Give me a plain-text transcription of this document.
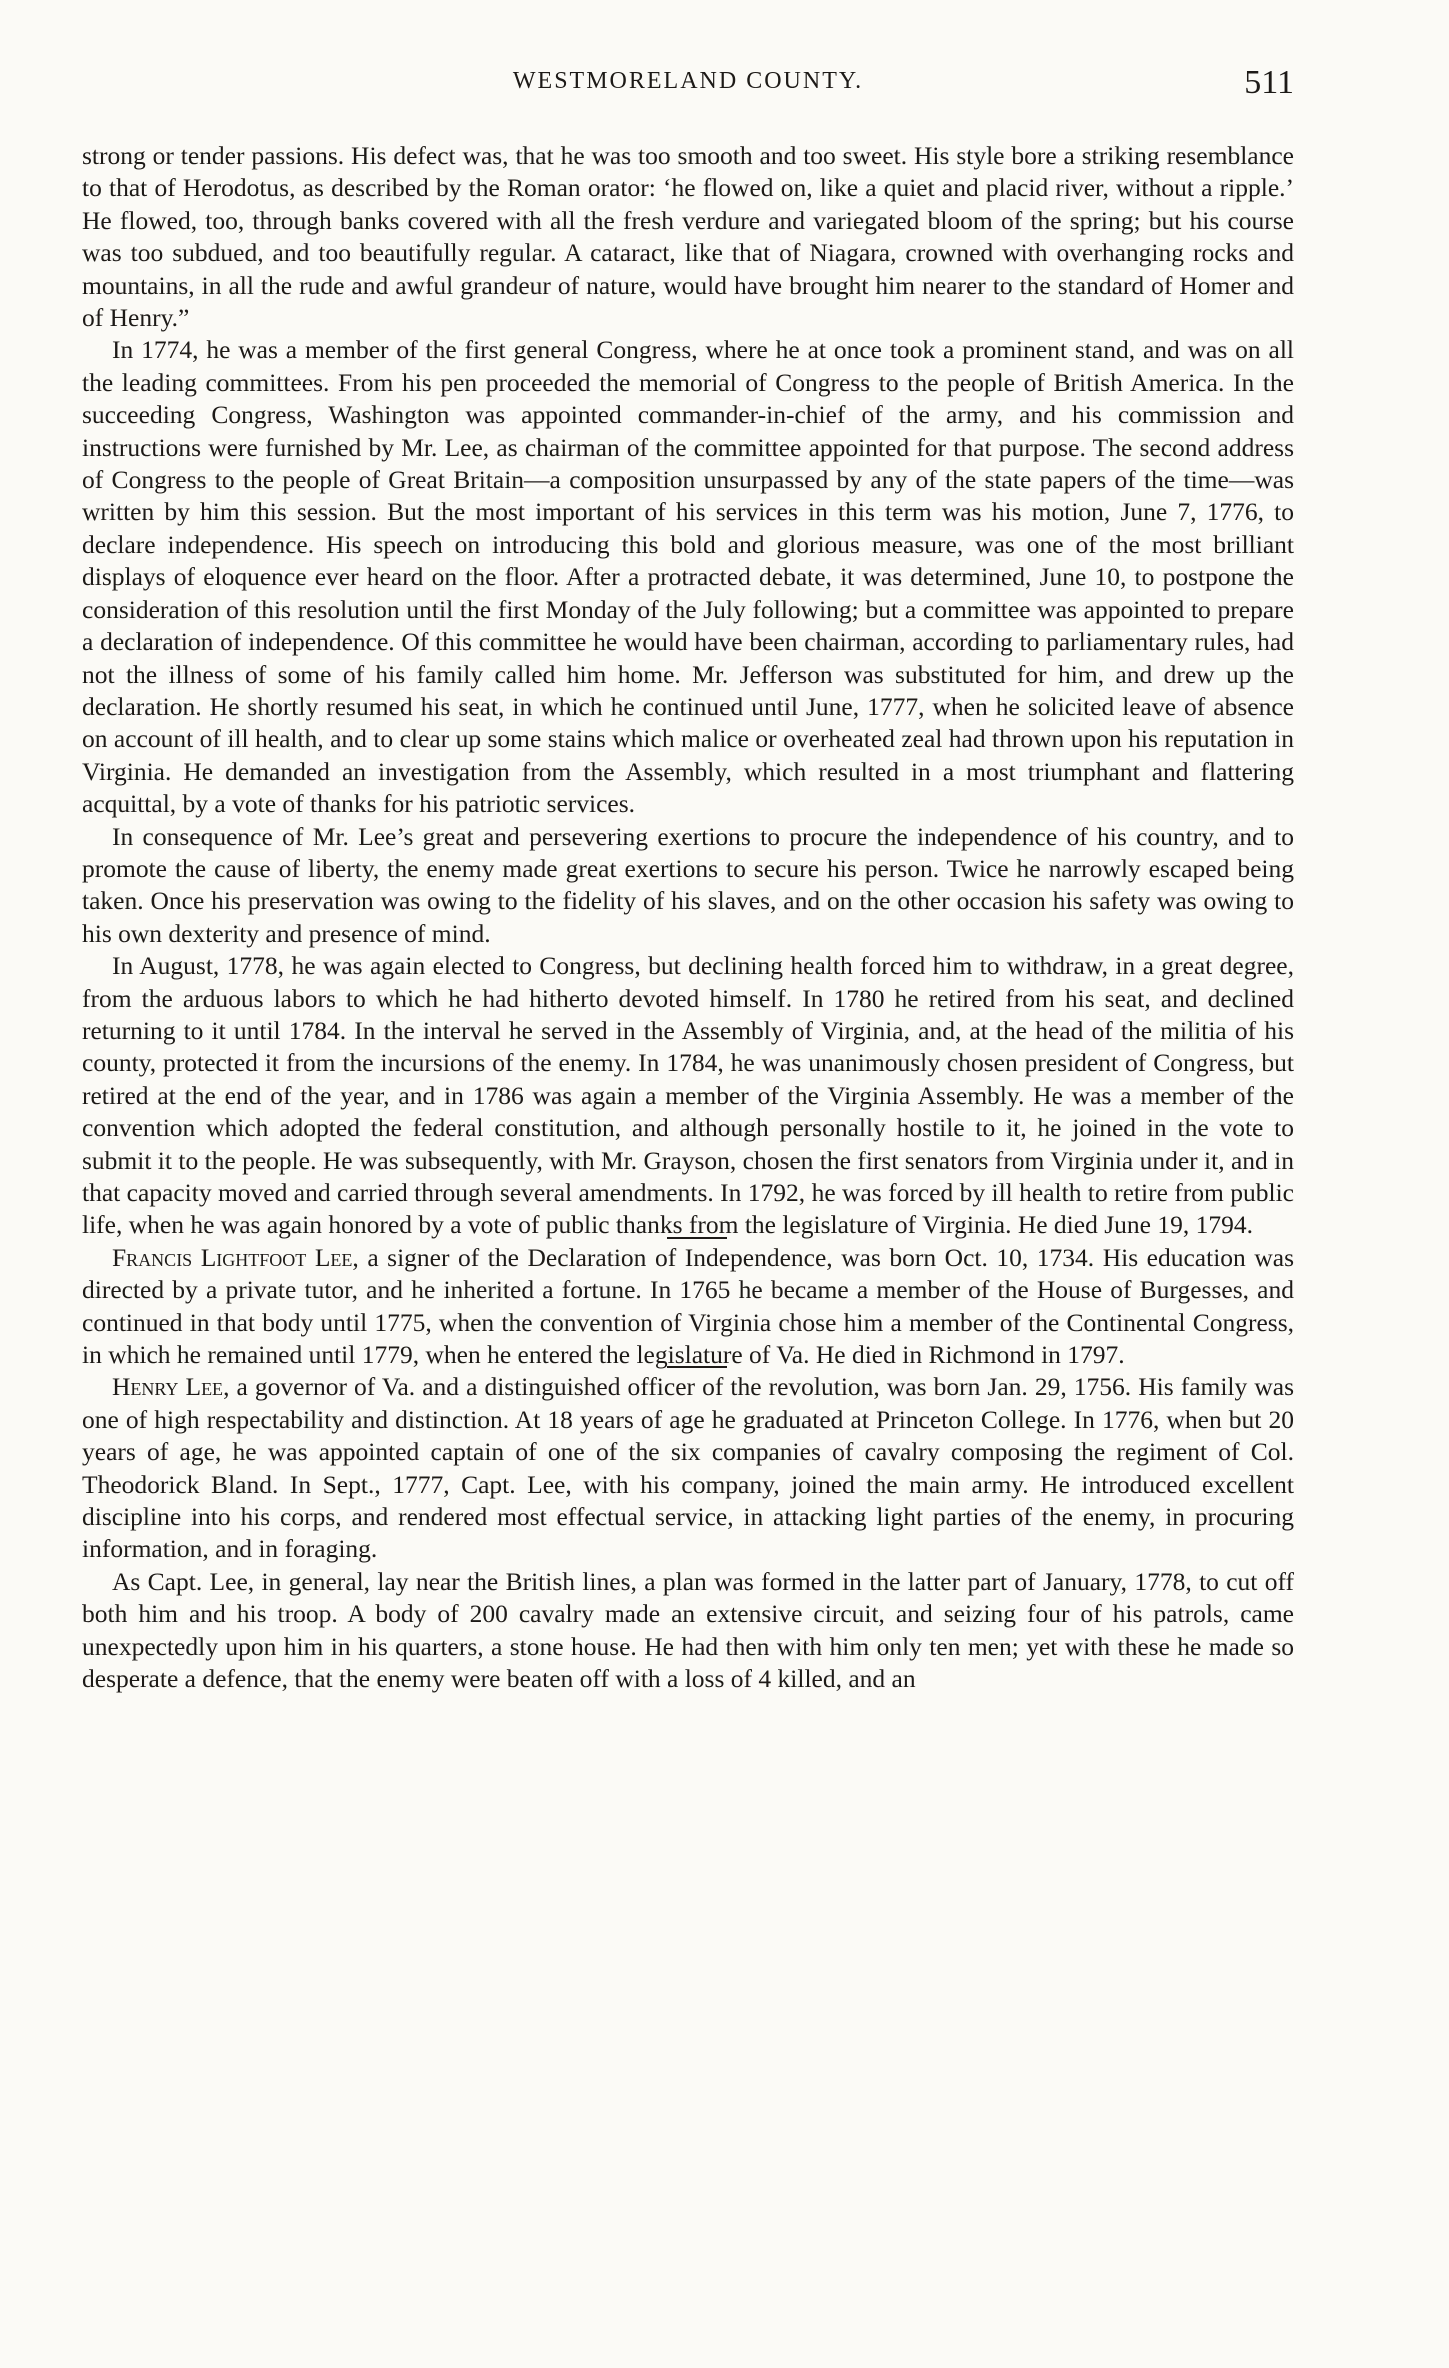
WESTMORELAND COUNTY.	511

strong or tender passions. His defect was, that he was too smooth and too sweet. His style bore a striking resemblance to that of Herodotus, as described by the Roman orator: ‘he flowed on, like a quiet and placid river, without a ripple.’ He flowed, too, through banks covered with all the fresh verdure and variegated bloom of the spring; but his course was too subdued, and too beautifully regular. A cataract, like that of Niagara, crowned with overhanging rocks and mountains, in all the rude and awful grandeur of nature, would have brought him nearer to the standard of Homer and of Henry.”

In 1774, he was a member of the first general Congress, where he at once took a prominent stand, and was on all the leading committees. From his pen proceeded the memorial of Congress to the people of British America. In the succeeding Congress, Washington was appointed commander-in-chief of the army, and his commission and instructions were furnished by Mr. Lee, as chairman of the committee appointed for that purpose. The second address of Congress to the people of Great Britain—a composition unsurpassed by any of the state papers of the time—was written by him this session. But the most important of his services in this term was his motion, June 7, 1776, to declare independence. His speech on introducing this bold and glorious measure, was one of the most brilliant displays of eloquence ever heard on the floor. After a protracted debate, it was determined, June 10, to postpone the consideration of this resolution until the first Monday of the July following; but a committee was appointed to prepare a declaration of independence. Of this committee he would have been chairman, according to parliamentary rules, had not the illness of some of his family called him home. Mr. Jefferson was substituted for him, and drew up the declaration. He shortly resumed his seat, in which he continued until June, 1777, when he solicited leave of absence on account of ill health, and to clear up some stains which malice or overheated zeal had thrown upon his reputation in Virginia. He demanded an investigation from the Assembly, which resulted in a most triumphant and flattering acquittal, by a vote of thanks for his patriotic services.

In consequence of Mr. Lee’s great and persevering exertions to procure the independence of his country, and to promote the cause of liberty, the enemy made great exertions to secure his person. Twice he narrowly escaped being taken. Once his preservation was owing to the fidelity of his slaves, and on the other occasion his safety was owing to his own dexterity and presence of mind.

In August, 1778, he was again elected to Congress, but declining health forced him to withdraw, in a great degree, from the arduous labors to which he had hitherto devoted himself. In 1780 he retired from his seat, and declined returning to it until 1784. In the interval he served in the Assembly of Virginia, and, at the head of the militia of his county, protected it from the incursions of the enemy. In 1784, he was unanimously chosen president of Congress, but retired at the end of the year, and in 1786 was again a member of the Virginia Assembly. He was a member of the convention which adopted the federal constitution, and although personally hostile to it, he joined in the vote to submit it to the people. He was subsequently, with Mr. Grayson, chosen the first senators from Virginia under it, and in that capacity moved and carried through several amendments. In 1792, he was forced by ill health to retire from public life, when he was again honored by a vote of public thanks from the legislature of Virginia. He died June 19, 1794.

Francis Lightfoot Lee, a signer of the Declaration of Independence, was born Oct. 10, 1734. His education was directed by a private tutor, and he inherited a fortune. In 1765 he became a member of the House of Burgesses, and continued in that body until 1775, when the convention of Virginia chose him a member of the Continental Congress, in which he remained until 1779, when he entered the legislature of Va. He died in Richmond in 1797.

Henry Lee, a governor of Va. and a distinguished officer of the revolution, was born Jan. 29, 1756. His family was one of high respectability and distinction. At 18 years of age he graduated at Princeton College. In 1776, when but 20 years of age, he was appointed captain of one of the six companies of cavalry composing the regiment of Col. Theodorick Bland. In Sept., 1777, Capt. Lee, with his company, joined the main army. He introduced excellent discipline into his corps, and rendered most effectual service, in attacking light parties of the enemy, in procuring information, and in foraging.

As Capt. Lee, in general, lay near the British lines, a plan was formed in the latter part of January, 1778, to cut off both him and his troop. A body of 200 cavalry made an extensive circuit, and seizing four of his patrols, came unexpectedly upon him in his quarters, a stone house. He had then with him only ten men; yet with these he made so desperate a defence, that the enemy were beaten off with a loss of 4 killed, and an
